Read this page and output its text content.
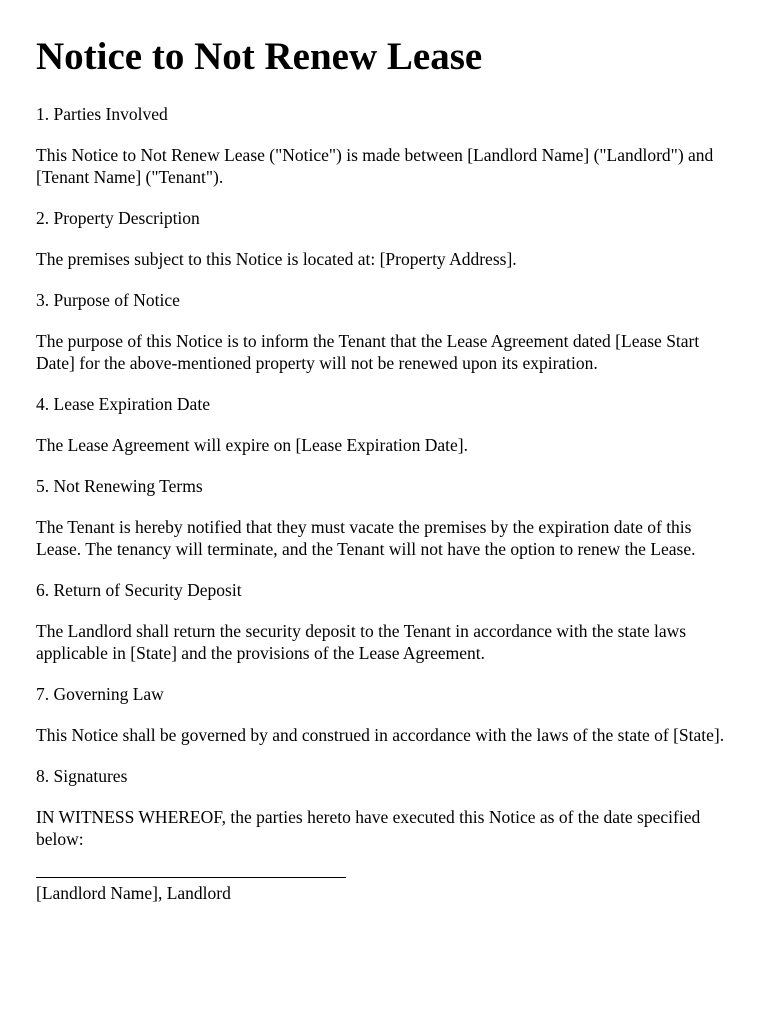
Notice to Not Renew Lease

1. Parties Involved

This Notice to Not Renew Lease ("Notice") is made between [Landlord Name] ("Landlord") and [Tenant Name] ("Tenant").

2. Property Description

The premises subject to this Notice is located at: [Property Address].

3. Purpose of Notice

The purpose of this Notice is to inform the Tenant that the Lease Agreement dated [Lease Start Date] for the above-mentioned property will not be renewed upon its expiration.

4. Lease Expiration Date

The Lease Agreement will expire on [Lease Expiration Date].

5. Not Renewing Terms

The Tenant is hereby notified that they must vacate the premises by the expiration date of this Lease. The tenancy will terminate, and the Tenant will not have the option to renew the Lease.

6. Return of Security Deposit

The Landlord shall return the security deposit to the Tenant in accordance with the state laws applicable in [State] and the provisions of the Lease Agreement.

7. Governing Law

This Notice shall be governed by and construed in accordance with the laws of the state of [State].

8. Signatures

IN WITNESS WHEREOF, the parties hereto have executed this Notice as of the date specified below:

[Landlord Name], Landlord
